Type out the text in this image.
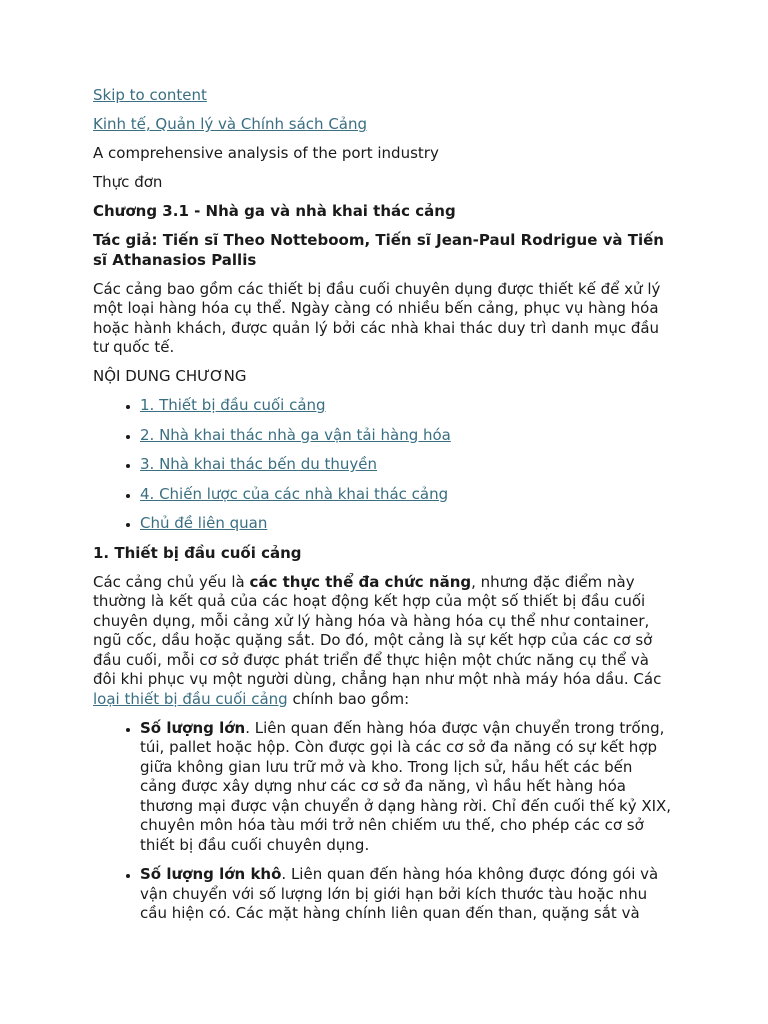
Skip to content

Kinh tế, Quản lý và Chính sách Cảng

A comprehensive analysis of the port industry

Thực đơn

Chương 3.1 - Nhà ga và nhà khai thác cảng
Tác giả: Tiến sĩ Theo Notteboom, Tiến sĩ Jean-Paul Rodrigue và Tiến sĩ Athanasios Pallis

Các cảng bao gồm các thiết bị đầu cuối chuyên dụng được thiết kế để xử lý một loại hàng hóa cụ thể. Ngày càng có nhiều bến cảng, phục vụ hàng hóa hoặc hành khách, được quản lý bởi các nhà khai thác duy trì danh mục đầu tư quốc tế.

NỘI DUNG CHƯƠNG

• 1. Thiết bị đầu cuối cảng
• 2. Nhà khai thác nhà ga vận tải hàng hóa
• 3. Nhà khai thác bến du thuyền
• 4. Chiến lược của các nhà khai thác cảng
• Chủ đề liên quan
1. Thiết bị đầu cuối cảng

Các cảng chủ yếu là các thực thể đa chức năng, nhưng đặc điểm này thường là kết quả của các hoạt động kết hợp của một số thiết bị đầu cuối chuyên dụng, mỗi cảng xử lý hàng hóa và hàng hóa cụ thể như container, ngũ cốc, dầu hoặc quặng sắt. Do đó, một cảng là sự kết hợp của các cơ sở đầu cuối, mỗi cơ sở được phát triển để thực hiện một chức năng cụ thể và đôi khi phục vụ một người dùng, chẳng hạn như một nhà máy hóa dầu. Các loại thiết bị đầu cuối cảng chính bao gồm:

• Số lượng lớn. Liên quan đến hàng hóa được vận chuyển trong trống, túi, pallet hoặc hộp. Còn được gọi là các cơ sở đa năng có sự kết hợp giữa không gian lưu trữ mở và kho. Trong lịch sử, hầu hết các bến cảng được xây dựng như các cơ sở đa năng, vì hầu hết hàng hóa thương mại được vận chuyển ở dạng hàng rời. Chỉ đến cuối thế kỷ XIX, chuyên môn hóa tàu mới trở nên chiếm ưu thế, cho phép các cơ sở thiết bị đầu cuối chuyên dụng.
• Số lượng lớn khô. Liên quan đến hàng hóa không được đóng gói và vận chuyển với số lượng lớn bị giới hạn bởi kích thước tàu hoặc nhu cầu hiện có. Các mặt hàng chính liên quan đến than, quặng sắt và
